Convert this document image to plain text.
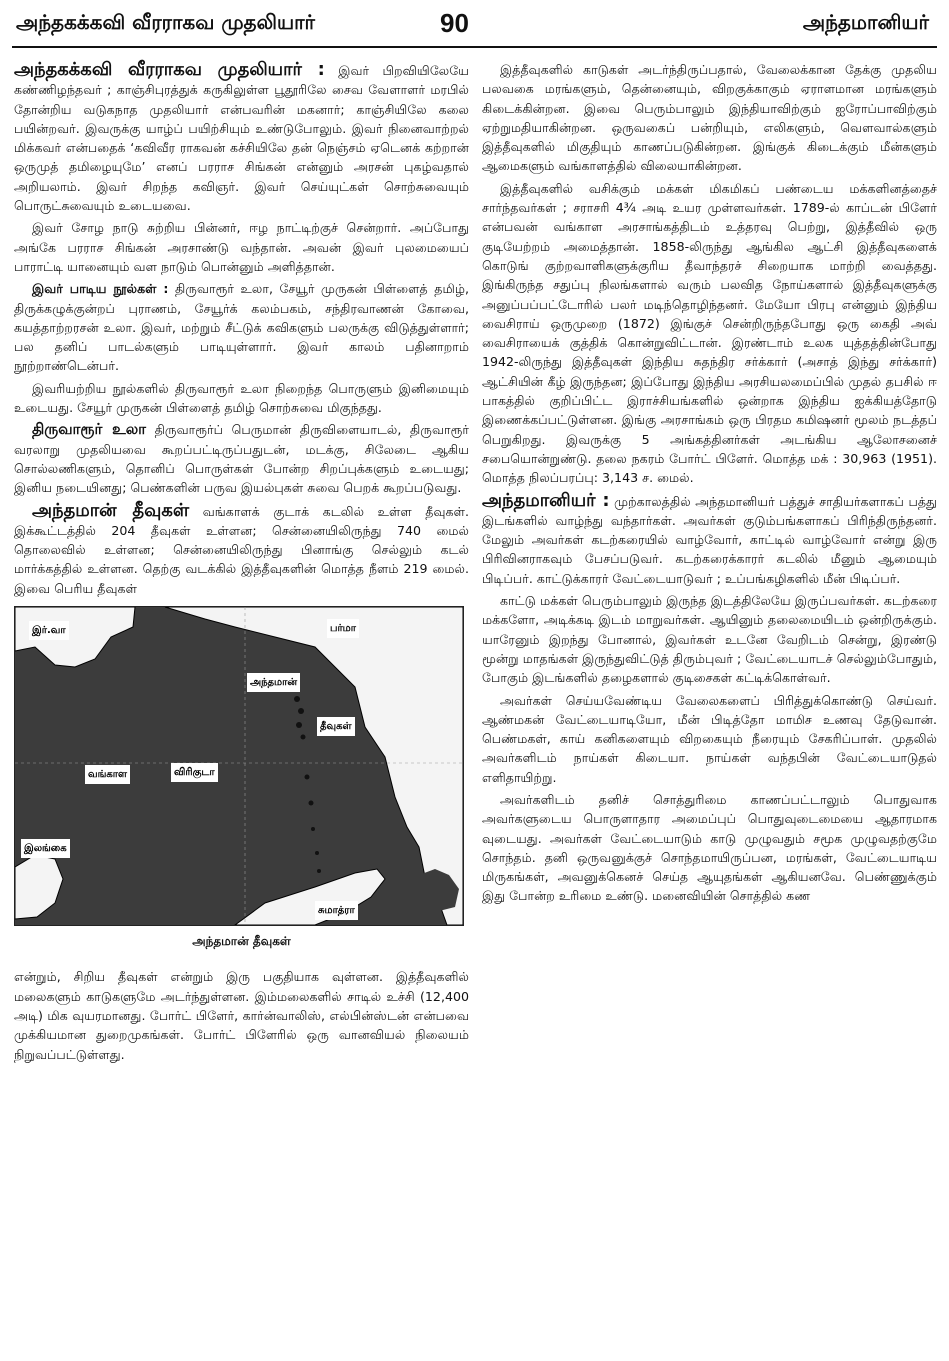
அந்தகக்கவி வீரராகவ முதலியார்	90	அந்தமானியர்

அந்தகக்கவி வீரராகவ முதலியார் : இவர் பிறவியிலேயே கண்ணிழந்தவர் ; காஞ்சிபுரத்துக் கருகிலுள்ள பூதூரிலே சைவ வேளாளர் மரபில் தோன்றிய வடுகநாத முதலியார் என்பவரின் மகனார்; காஞ்சியிலே கலை பயின்றவர். இவருக்கு யாழ்ப் பயிற்சியும் உண்டுபோலும். இவர் நினைவாற்றல் மிக்கவர் என்பதைக் ‘கவிவீர ராகவன் கச்சியிலே தன் நெஞ்சம் ஏடெனக் கற்றான் ஒருமுத் தமிழையுமே’ எனப் பரராச சிங்கன் என்னும் அரசன் புகழ்வதால் அறியலாம். இவர் சிறந்த கவிஞர். இவர் செய்யுட்கள் சொற்சுவையும் பொருட்சுவையும் உடையவை.

இவர் சோழ நாடு சுற்றிய பின்னர், ஈழ நாட்டிற்குச் சென்றார். அப்போது அங்கே பரராச சிங்கன் அரசாண்டு வந்தான். அவன் இவர் புலமையைப் பாராட்டி யானையும் வள நாடும் பொன்னும் அளித்தான்.

இவர் பாடிய நூல்கள் : திருவாரூர் உலா, சேயூர் முருகன் பிள்ளைத் தமிழ், திருக்கழுக்குன்றப் புராணம், சேயூர்க் கலம்பகம், சந்திரவாணன் கோவை, கயத்தாற்றரசன் உலா. இவர், மற்றும் சீட்டுக் கவிகளும் பலருக்கு விடுத்துள்ளார்; பல தனிப் பாடல்களும் பாடியுள்ளார். இவர் காலம் பதினாறாம் நூற்றாண்டென்பர்.

இவரியற்றிய நூல்களில் திருவாரூர் உலா நிறைந்த பொருளும் இனிமையும் உடையது. சேயூர் முருகன் பிள்ளைத் தமிழ் சொற்சுவை மிகுந்தது.

திருவாரூர் உலா திருவாரூர்ப் பெருமான் திருவிளையாடல், திருவாரூர் வரலாறு முதலியவை கூறப்பட்டிருப்பதுடன், மடக்கு, சிலேடை ஆகிய சொல்லணிகளும், தொனிப் பொருள்கள் போன்ற சிறப்புக்களும் உடையது; இனிய நடையினது; பெண்களின் பருவ இயல்புகள் சுவை பெறக் கூறப்படுவது.

அந்தமான் தீவுகள் வங்காளக் குடாக் கடலில் உள்ள தீவுகள். இக்கூட்டத்தில் 204 தீவுகள் உள்ளன; சென்னையிலிருந்து 740 மைல் தொலைவில் உள்ளன; சென்னையிலிருந்து பினாங்கு செல்லும் கடல் மார்க்கத்தில் உள்ளன. தெற்கு வடக்கில் இத்தீவுகளின் மொத்த நீளம் 219 மைல். இவை பெரிய தீவுகள்

இர்.வா	பர்மா
அந்தமான்
தீவுகள்
வங்காள	விரிகுடா
இலங்கை
சுமாத்ரா
அந்தமான் தீவுகள்

என்றும், சிறிய தீவுகள் என்றும் இரு பகுதியாக வுள்ளன. இத்தீவுகளில் மலைகளும் காடுகளுமே அடர்ந்துள்ளன. இம்மலைகளில் சாடில் உச்சி (12,400 அடி) மிக வுயரமானது. போர்ட் பிளேர், கார்ன்வாலிஸ், எல்பின்ஸ்டன் என்பவை முக்கியமான துறைமுகங்கள். போர்ட் பிளேரில் ஒரு வானவியல் நிலையம் நிறுவப்பட்டுள்ளது.

இத்தீவுகளில் காடுகள் அடர்ந்திருப்பதால், வேலைக்கான தேக்கு முதலிய பலவகை மரங்களும், தென்னையும், விறகுக்காகும் ஏராளமான மரங்களும் கிடைக்கின்றன. இவை பெரும்பாலும் இந்தியாவிற்கும் ஐரோப்பாவிற்கும் ஏற்றுமதியாகின்றன. ஒருவகைப் பன்றியும், எலிகளும், வௌவால்களும் இத்தீவுகளில் மிகுதியும் காணப்படுகின்றன. இங்குக் கிடைக்கும் மீன்களும் ஆமைகளும் வங்காளத்தில் விலையாகின்றன.

இத்தீவுகளில் வசிக்கும் மக்கள் மிகமிகப் பண்டைய மக்களினத்தைச் சார்ந்தவர்கள் ; சராசரி 4¾ அடி உயர முள்ளவர்கள். 1789-ல் காப்டன் பிளேர் என்பவன் வங்காள அரசாங்கத்திடம் உத்தரவு பெற்று, இத்தீவில் ஒரு குடியேற்றம் அமைத்தான். 1858-லிருந்து ஆங்கில ஆட்சி இத்தீவுகளைக் கொடுங் குற்றவாளிகளுக்குரிய தீவாந்தரச் சிறையாக மாற்றி வைத்தது. இங்கிருந்த சதுப்பு நிலங்களால் வரும் பலவித நோய்களால் இத்தீவுகளுக்கு அனுப்பப்பட்டோரில் பலர் மடிந்தொழிந்தனர். மேயோ பிரபு என்னும் இந்திய வைசிராய் ஒருமுறை (1872) இங்குச் சென்றிருந்தபோது ஒரு கைதி அவ் வைசிராயைக் குத்திக் கொன்றுவிட்டான். இரண்டாம் உலக யுத்தத்தின்போது 1942-லிருந்து இத்தீவுகள் இந்திய சுதந்திர சர்க்கார் (அசாத் இந்து சர்க்கார்) ஆட்சியின் கீழ் இருந்தன; இப்போது இந்திய அரசியலமைப்பில் முதல் தபசில் ஈ பாகத்தில் குறிப்பிட்ட இராச்சியங்களில் ஒன்றாக இந்திய ஐக்கியத்தோடு இணைக்கப்பட்டுள்ளன. இங்கு அரசாங்கம் ஒரு பிரதம கமிஷனர் மூலம் நடத்தப் பெறுகிறது. இவருக்கு 5 அங்கத்தினர்கள் அடங்கிய ஆலோசனைச் சபையொன்றுண்டு. தலை நகரம் போர்ட் பிளேர். மொத்த மக் : 30,963 (1951). மொத்த நிலப்பரப்பு: 3,143 ச. மைல்.

அந்தமானியர் : முற்காலத்தில் அந்தமானியர் பத்துச் சாதியர்களாகப் பத்து இடங்களில் வாழ்ந்து வந்தார்கள். அவர்கள் குடும்பங்களாகப் பிரிந்திருந்தனர். மேலும் அவர்கள் கடற்கரையில் வாழ்வோர், காட்டில் வாழ்வோர் என்று இரு பிரிவினராகவும் பேசப்படுவர். கடற்கரைக்காரர் கடலில் மீனும் ஆமையும் பிடிப்பர். காட்டுக்காரர் வேட்டையாடுவர் ; உப்பங்கழிகளில் மீன் பிடிப்பர்.

காட்டு மக்கள் பெரும்பாலும் இருந்த இடத்திலேயே இருப்பவர்கள். கடற்கரை மக்களோ, அடிக்கடி இடம் மாறுவர்கள். ஆயினும் தலைமையிடம் ஒன்றிருக்கும். யாரேனும் இறந்து போனால், இவர்கள் உடனே வேறிடம் சென்று, இரண்டு மூன்று மாதங்கள் இருந்துவிட்டுத் திரும்புவர் ; வேட்டையாடச் செல்லும்போதும், போகும் இடங்களில் தழைகளால் குடிசைகள் கட்டிக்கொள்வர்.

அவர்கள் செய்யவேண்டிய வேலைகளைப் பிரித்துக்கொண்டு செய்வர். ஆண்மகன் வேட்டையாடியோ, மீன் பிடித்தோ மாமிச உணவு தேடுவான். பெண்மகள், காய் கனிகளையும் விறகையும் நீரையும் சேகரிப்பாள். முதலில் அவர்களிடம் நாய்கள் கிடையா. நாய்கள் வந்தபின் வேட்டையாடுதல் எளிதாயிற்று.

அவர்களிடம் தனிச் சொத்துரிமை காணப்பட்டாலும் பொதுவாக அவர்களுடைய பொருளாதார அமைப்புப் பொதுவுடைமையை ஆதாரமாக வுடையது. அவர்கள் வேட்டையாடும் காடு முழுவதும் சமூக முழுவதற்குமே சொந்தம். தனி ஒருவனுக்குச் சொந்தமாயிருப்பன, மரங்கள், வேட்டையாடிய மிருகங்கள், அவனுக்கெனச் செய்த ஆயுதங்கள் ஆகியனவே. பெண்ணுக்கும் இது போன்ற உரிமை உண்டு. மனைவியின் சொத்தில் கண
